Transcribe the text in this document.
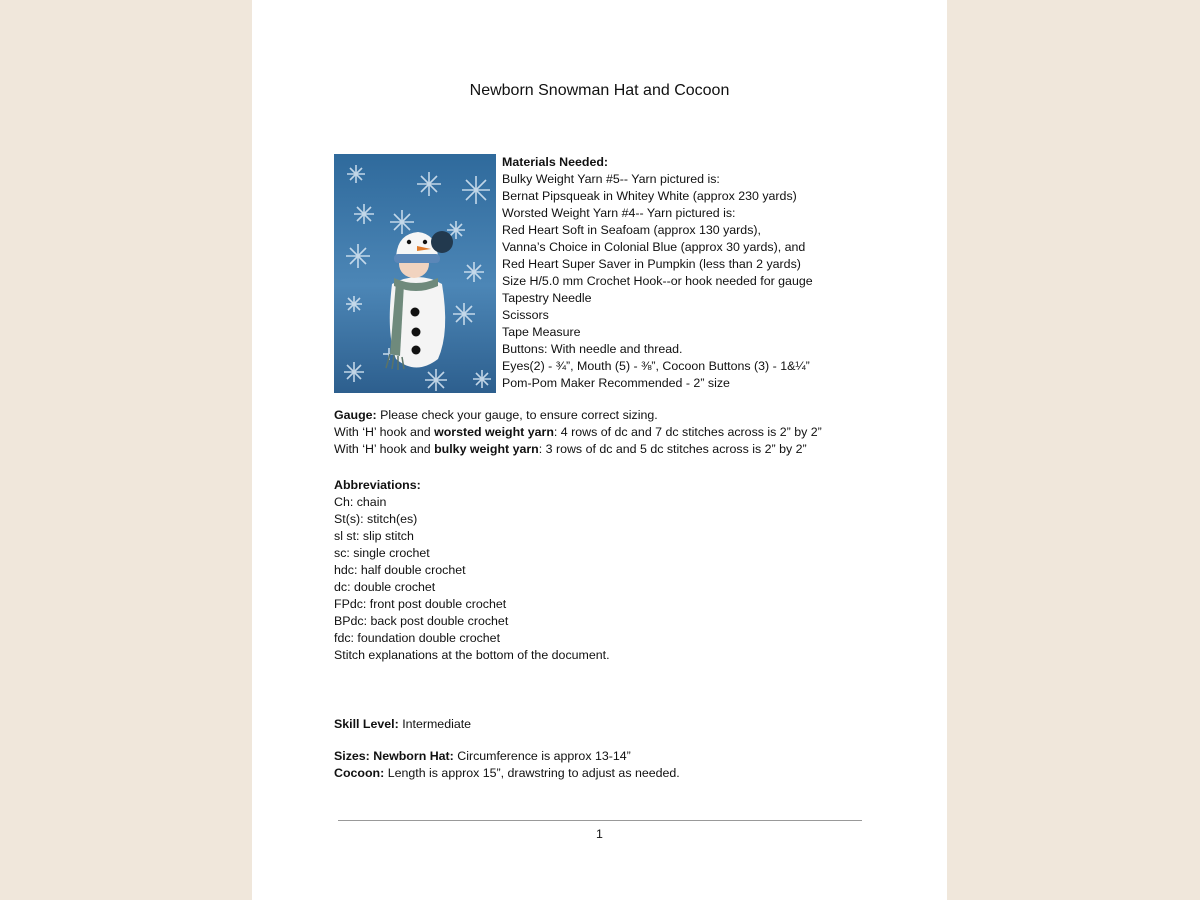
Newborn Snowman Hat and Cocoon
Materials Needed:
Bulky Weight Yarn #5-- Yarn pictured is:
Bernat Pipsqueak in Whitey White (approx 230 yards)
Worsted Weight Yarn #4-- Yarn pictured is:
Red Heart Soft in Seafoam (approx 130 yards),
Vanna’s Choice in Colonial Blue (approx 30 yards), and
Red Heart Super Saver in Pumpkin (less than 2 yards)
Size H/5.0 mm Crochet Hook--or hook needed for gauge
Tapestry Needle
Scissors
Tape Measure
Buttons: With needle and thread.
Eyes(2) - ¾”, Mouth (5) - ⅜”, Cocoon Buttons (3) - 1&¼”
Pom-Pom Maker Recommended - 2” size
Gauge: Please check your gauge, to ensure correct sizing.
With ‘H’ hook and worsted weight yarn: 4 rows of dc and 7 dc stitches across is 2” by 2”
With ‘H’ hook and bulky weight yarn: 3 rows of dc and 5 dc stitches across is 2” by 2”
Abbreviations:
Ch: chain
St(s): stitch(es)
sl st: slip stitch
sc: single crochet
hdc: half double crochet
dc: double crochet
FPdc: front post double crochet
BPdc: back post double crochet
fdc: foundation double crochet
Stitch explanations at the bottom of the document.
Skill Level: Intermediate
Sizes: Newborn Hat: Circumference is approx 13-14”
Cocoon: Length is approx 15”, drawstring to adjust as needed.
1
